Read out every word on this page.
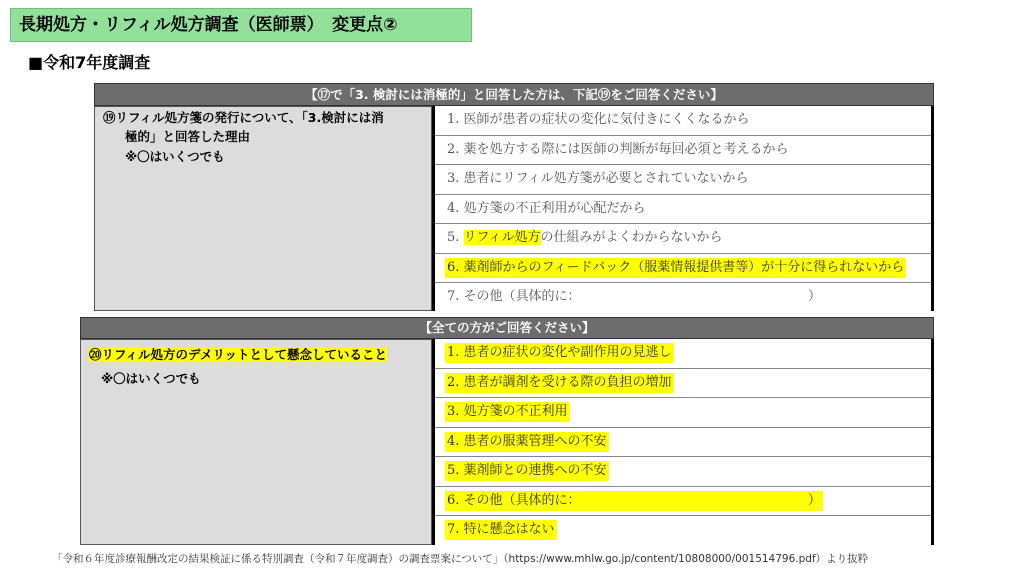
長期処方・リフィル処方調査（医師票）　変更点②
■令和7年度調査
【⑰で「3. 検討には消極的」と回答した方は、下記⑲をご回答ください】
⑲リフィル処方箋の発行について、「3.検討には消
極的」と回答した理由
※〇はいくつでも
1. 医師が患者の症状の変化に気付きにくくなるから
2. 薬を処方する際には医師の判断が毎回必須と考えるから
3. 患者にリフィル処方箋が必要とされていないから
4. 処方箋の不正利用が心配だから
5. リフィル処方の仕組みがよくわからないから
6. 薬剤師からのフィードバック（服薬情報提供書等）が十分に得られないから
7. その他（具体的に：　　　　　　　　　　　　　　　　　　）
【全ての方がご回答ください】
⑳リフィル処方のデメリットとして懸念していること
※〇はいくつでも
1. 患者の症状の変化や副作用の見逃し
2. 患者が調剤を受ける際の負担の増加
3. 処方箋の不正利用
4. 患者の服薬管理への不安
5. 薬剤師との連携への不安
6. その他（具体的に：　　　　　　　　　　　　　　　　　　）
7. 特に懸念はない
「令和６年度診療報酬改定の結果検証に係る特別調査（令和７年度調査）の調査票案について」（https://www.mhlw.go.jp/content/10808000/001514796.pdf）より抜粋
